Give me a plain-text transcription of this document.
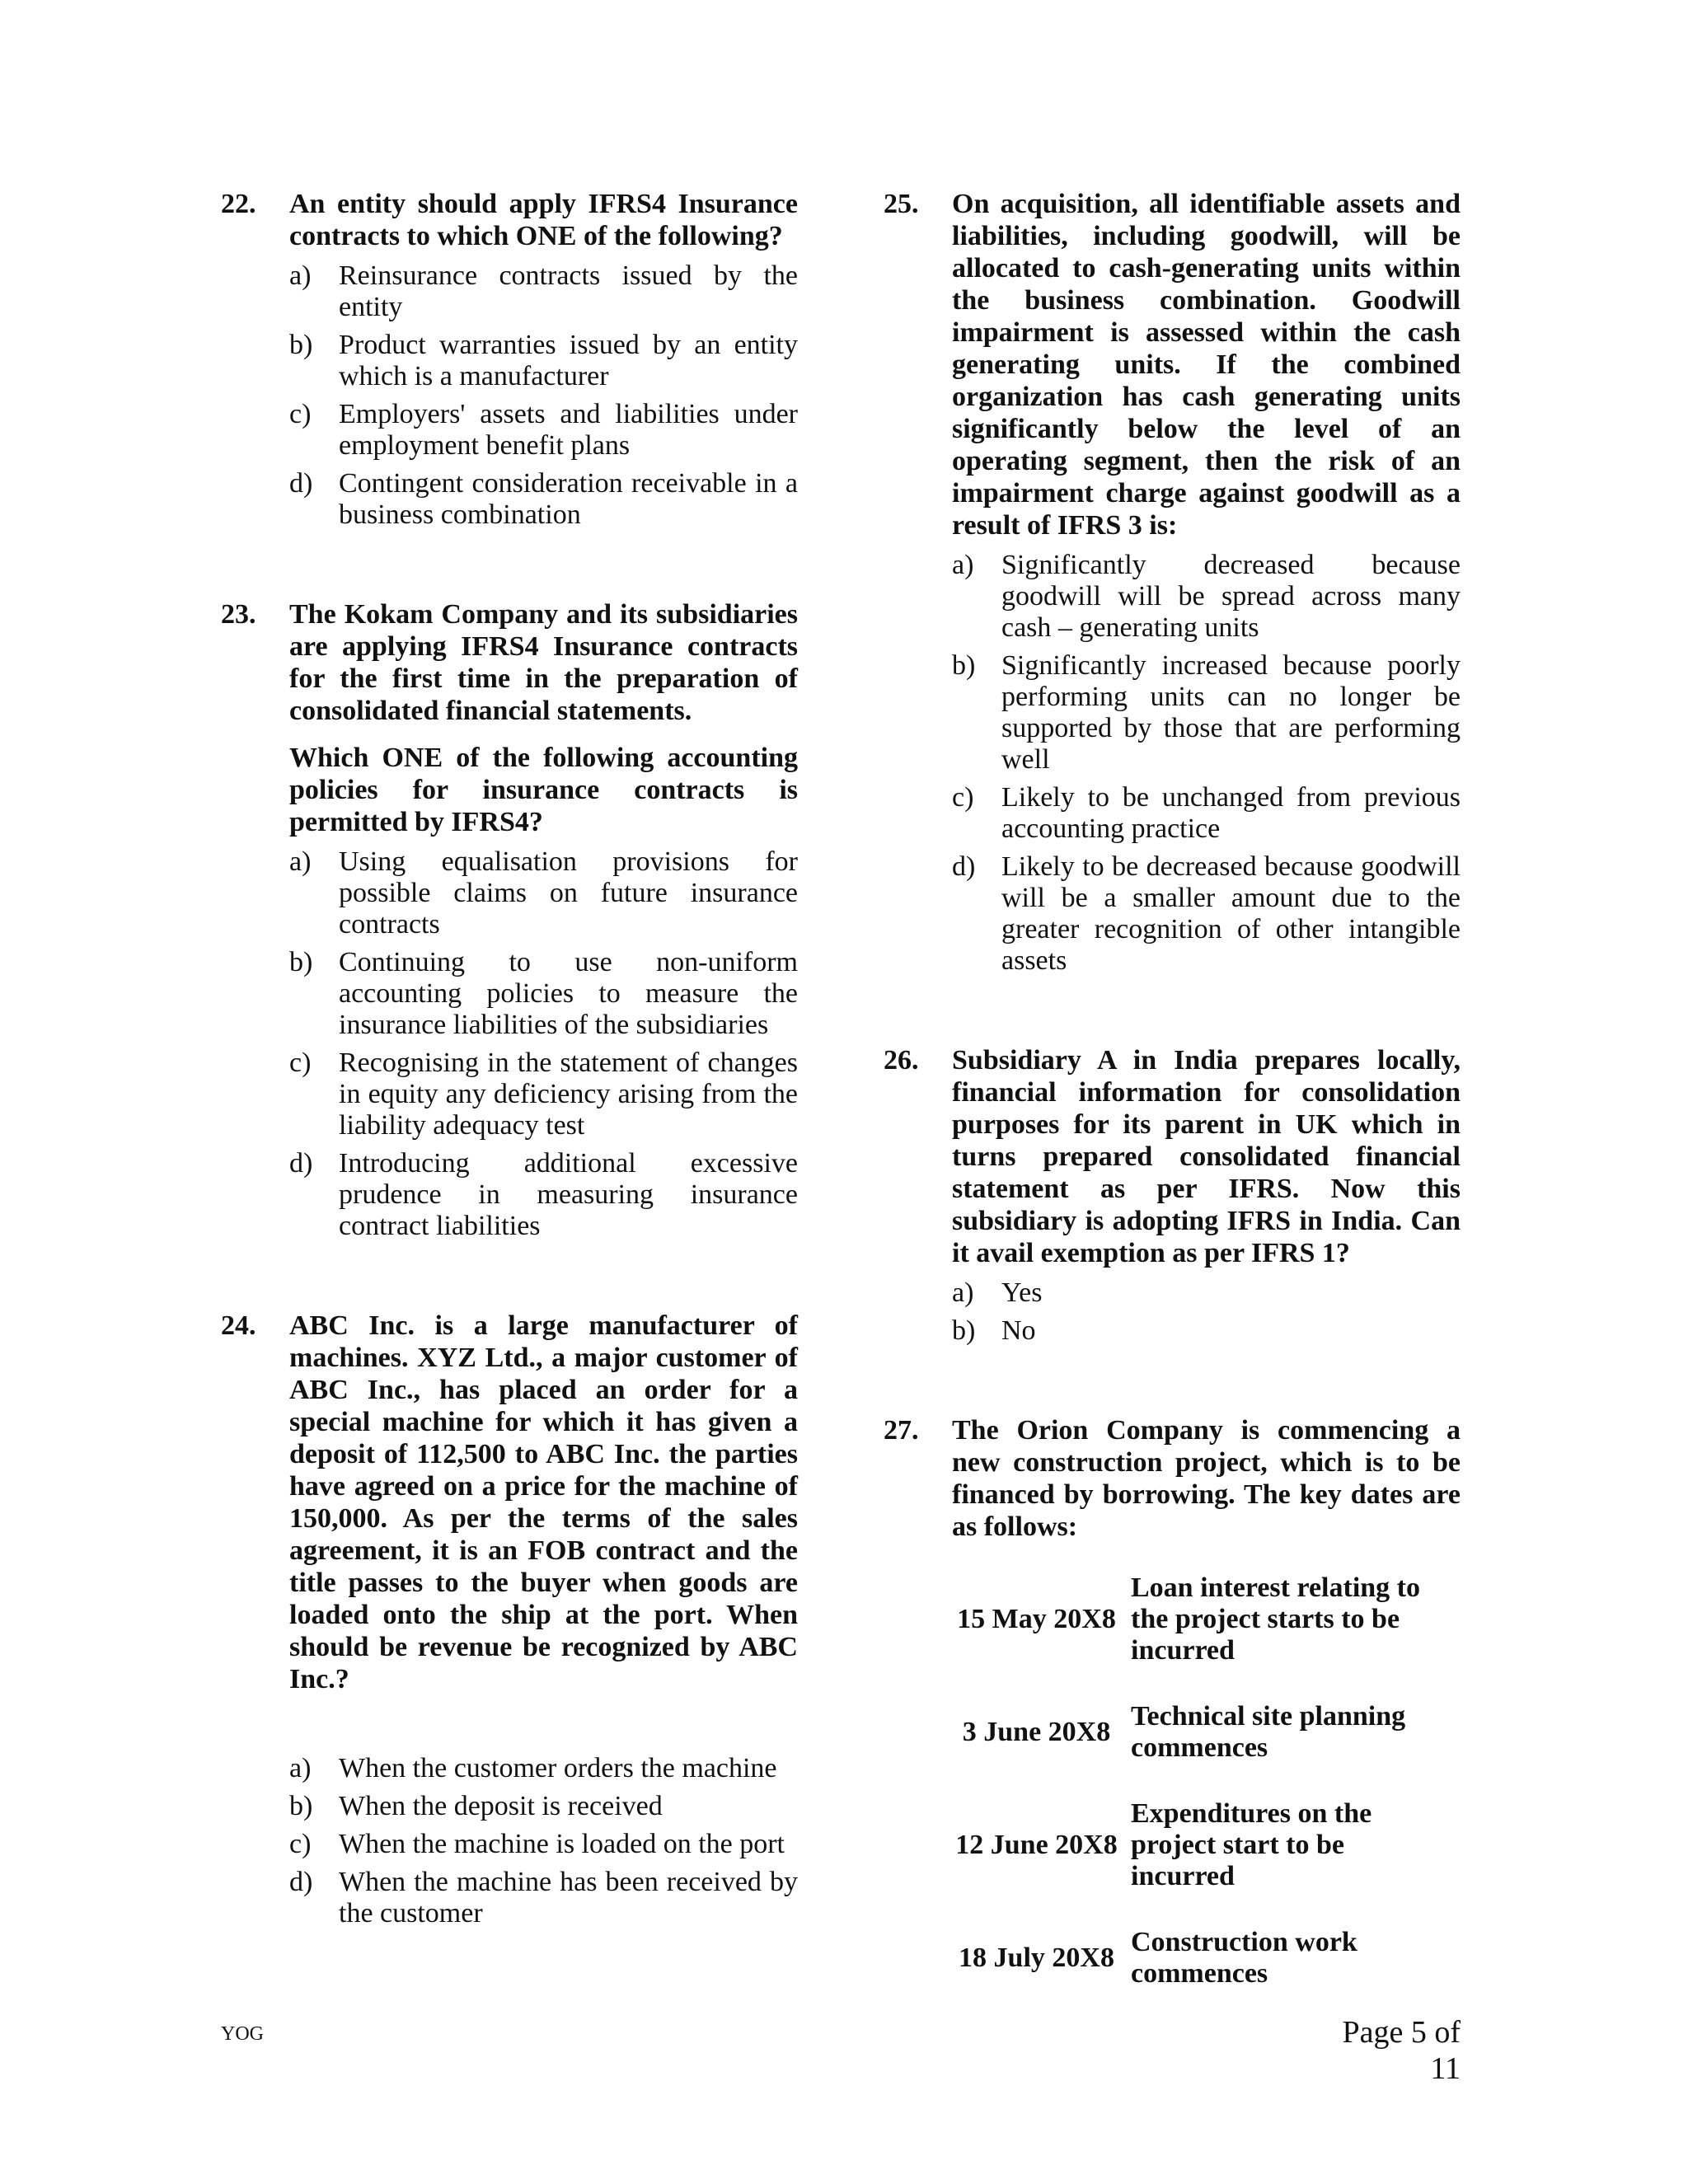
22. An entity should apply IFRS4 Insurance contracts to which ONE of the following?

a) Reinsurance contracts issued by the entity
b) Product warranties issued by an entity which is a manufacturer
c) Employers' assets and liabilities under employment benefit plans
d) Contingent consideration receivable in a business combination
23. The Kokam Company and its subsidiaries are applying IFRS4 Insurance contracts for the first time in the preparation of consolidated financial statements.

Which ONE of the following accounting policies for insurance contracts is permitted by IFRS4?

a) Using equalisation provisions for possible claims on future insurance contracts
b) Continuing to use non-uniform accounting policies to measure the insurance liabilities of the subsidiaries
c) Recognising in the statement of changes in equity any deficiency arising from the liability adequacy test
d) Introducing additional excessive prudence in measuring insurance contract liabilities
24. ABC Inc. is a large manufacturer of machines. XYZ Ltd., a major customer of ABC Inc., has placed an order for a special machine for which it has given a deposit of 112,500 to ABC Inc. the parties have agreed on a price for the machine of 150,000. As per the terms of the sales agreement, it is an FOB contract and the title passes to the buyer when goods are loaded onto the ship at the port. When should be revenue be recognized by ABC Inc.?

a) When the customer orders the machine
b) When the deposit is received
c) When the machine is loaded on the port
d) When the machine has been received by the customer
25. On acquisition, all identifiable assets and liabilities, including goodwill, will be allocated to cash-generating units within the business combination. Goodwill impairment is assessed within the cash generating units. If the combined organization has cash generating units significantly below the level of an operating segment, then the risk of an impairment charge against goodwill as a result of IFRS 3 is:

a) Significantly decreased because goodwill will be spread across many cash – generating units
b) Significantly increased because poorly performing units can no longer be supported by those that are performing well
c) Likely to be unchanged from previous accounting practice
d) Likely to be decreased because goodwill will be a smaller amount due to the greater recognition of other intangible assets
26. Subsidiary A in India prepares locally, financial information for consolidation purposes for its parent in UK which in turns prepared consolidated financial statement as per IFRS. Now this subsidiary is adopting IFRS in India. Can it avail exemption as per IFRS 1?

a) Yes
b) No
27. The Orion Company is commencing a new construction project, which is to be financed by borrowing. The key dates are as follows:

15 May 20X8	Loan interest relating to the project starts to be incurred

3 June 20X8	Technical site planning commences

12 June 20X8	Expenditures on the project start to be incurred

18 July 20X8	Construction work commences
YOG	Page 5 of 11
